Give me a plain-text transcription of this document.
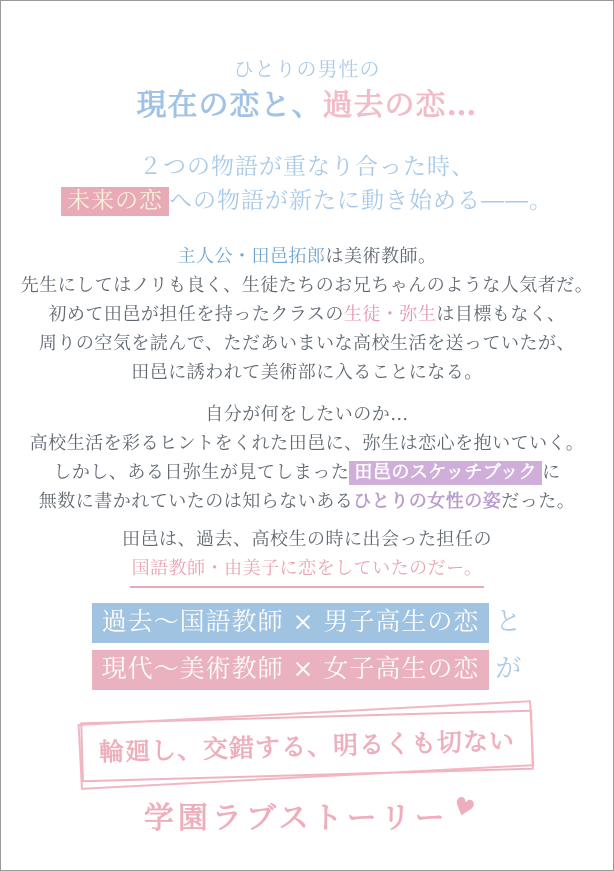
ひとりの男性の
現在の恋と、過去の恋…
２つの物語が重なり合った時、
未来の恋 への物語が新たに動き始める――。

主人公・田邑拓郎は美術教師。
先生にしてはノリも良く、生徒たちのお兄ちゃんのような人気者だ。
初めて田邑が担任を持ったクラスの生徒・弥生は目標もなく、
周りの空気を読んで、ただあいまいな高校生活を送っていたが、
田邑に誘われて美術部に入ることになる。

自分が何をしたいのか…
高校生活を彩るヒントをくれた田邑に、弥生は恋心を抱いていく。
しかし、ある日弥生が見てしまった 田邑のスケッチブック に
無数に書かれていたのは知らないあるひとりの女性の姿だった。

田邑は、過去、高校生の時に出会った担任の
国語教師・由美子に恋をしていたのだー。

過去〜国語教師 × 男子高生の恋 と
現代〜美術教師 × 女子高生の恋 が
輪廻し、交錯する、明るくも切ない
学園ラブストーリー♥
